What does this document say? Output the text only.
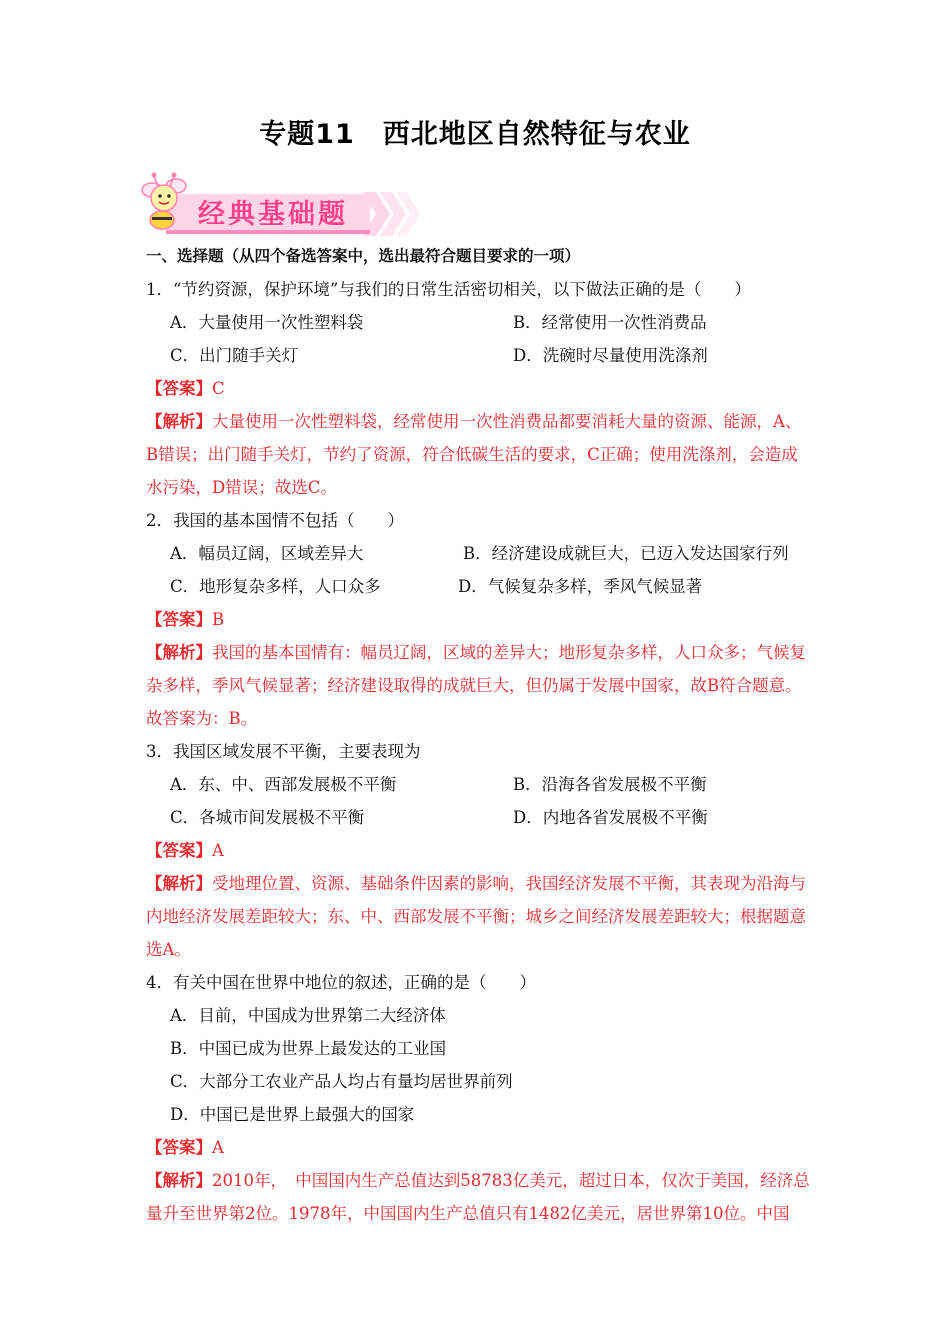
专题11　西北地区自然特征与农业
经典基础题
一、选择题（从四个备选答案中，选出最符合题目要求的一项）
1．“节约资源，保护环境”与我们的日常生活密切相关，以下做法正确的是（　　）
A．大量使用一次性塑料袋	B．经常使用一次性消费品
C．出门随手关灯	D．洗碗时尽量使用洗涤剂
【答案】C
【解析】大量使用一次性塑料袋，经常使用一次性消费品都要消耗大量的资源、能源，A、
B错误；出门随手关灯，节约了资源，符合低碳生活的要求，C正确；使用洗涤剂，会造成
水污染，D错误；故选C。
2．我国的基本国情不包括（　　）
A．幅员辽阔，区域差异大	B．经济建设成就巨大，已迈入发达国家行列
C．地形复杂多样，人口众多	D．气候复杂多样，季风气候显著
【答案】B
【解析】我国的基本国情有：幅员辽阔，区域的差异大；地形复杂多样，人口众多；气候复
杂多样，季风气候显著；经济建设取得的成就巨大，但仍属于发展中国家，故B符合题意。
故答案为：B。
3．我国区域发展不平衡，主要表现为
A．东、中、西部发展极不平衡	B．沿海各省发展极不平衡
C．各城市间发展极不平衡	D．内地各省发展极不平衡
【答案】A
【解析】受地理位置、资源、基础条件因素的影响，我国经济发展不平衡，其表现为沿海与
内地经济发展差距较大；东、中、西部发展不平衡；城乡之间经济发展差距较大；根据题意
选A。
4．有关中国在世界中地位的叙述，正确的是（　　）
A．目前，中国成为世界第二大经济体
B．中国已成为世界上最发达的工业国
C．大部分工农业产品人均占有量均居世界前列
D．中国已是世界上最强大的国家
【答案】A
【解析】2010年，　中国国内生产总值达到58783亿美元，超过日本，仅次于美国，经济总
量升至世界第2位。1978年，中国国内生产总值只有1482亿美元，居世界第10位。中国
